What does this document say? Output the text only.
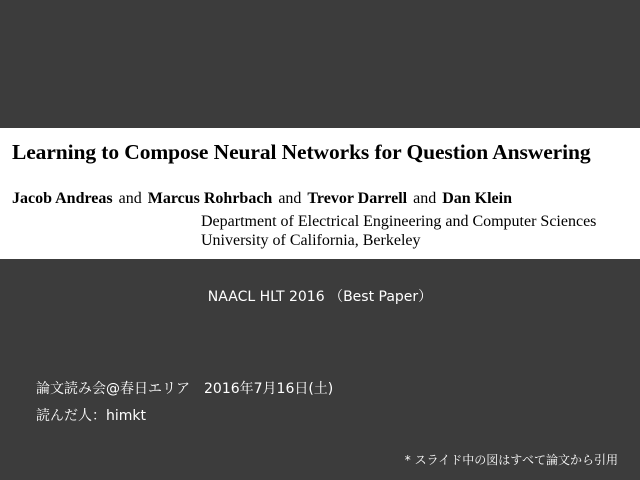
Learning to Compose Neural Networks for Question Answering
Jacob Andreas and Marcus Rohrbach and Trevor Darrell and Dan Klein
Department of Electrical Engineering and Computer Sciences
University of California, Berkeley
NAACL HLT 2016 （Best Paper）
論文読み会@春日エリア　2016年7月16日(土)
読んだ人：himkt
* スライド中の図はすべて論文から引用
